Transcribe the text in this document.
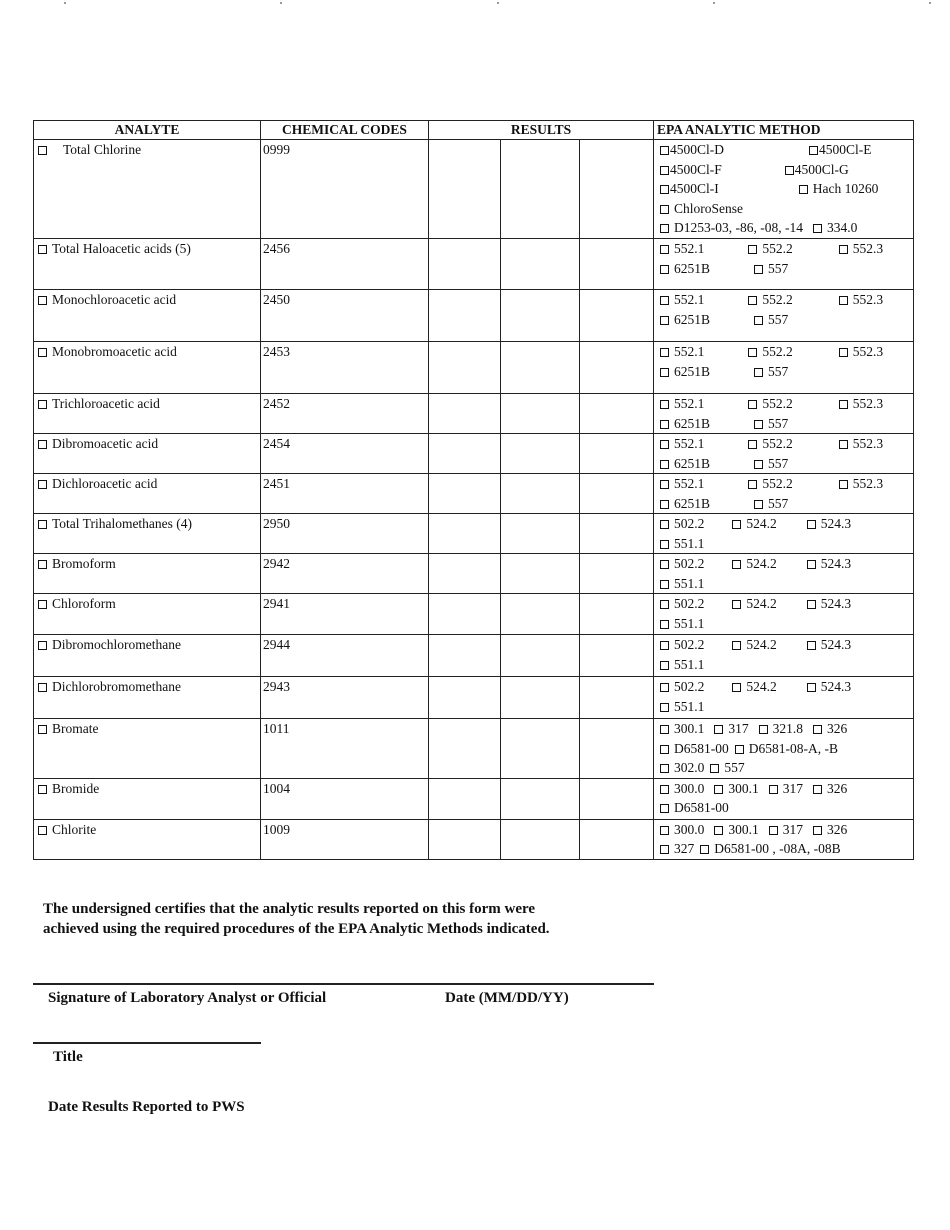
ANALYTE	CHEMICAL CODES	RESULTS			EPA ANALYTIC METHOD
Total Chlorine	0999				4500Cl-D 4500Cl-E
4500Cl-F 4500Cl-G
4500Cl-I Hach 10260
ChloroSense
D1253-03, -86, -08, -14 334.0

Total Haloacetic acids (5)	2456				552.1 552.2 552.3
6251B 557

Monochloroacetic acid	2450				552.1 552.2 552.3
6251B 557

Monobromoacetic acid	2453				552.1 552.2 552.3
6251B 557

Trichloroacetic acid	2452				552.1 552.2 552.3
6251B 557

Dibromoacetic acid	2454				552.1 552.2 552.3
6251B 557

Dichloroacetic acid	2451				552.1 552.2 552.3
6251B 557

Total Trihalomethanes (4)	2950				502.2 524.2 524.3
551.1

Bromoform	2942				502.2 524.2 524.3
551.1

Chloroform	2941				502.2 524.2 524.3
551.1

Dibromochloromethane	2944				502.2 524.2 524.3
551.1

Dichlorobromomethane	2943				502.2 524.2 524.3
551.1

Bromate	1011				300.1 317 321.8 326
D6581-00 D6581-08-A, -B
302.0 557

Bromide	1004				300.0 300.1 317 326
D6581-00

Chlorite	1009				300.0 300.1 317 326
327 D6581-00 , -08A, -08B
The undersigned certifies that the analytic results reported on this form were
achieved using the required procedures of the EPA Analytic Methods indicated.
Signature of Laboratory Analyst or Official	Date (MM/DD/YY)
Title
Date Results Reported to PWS
